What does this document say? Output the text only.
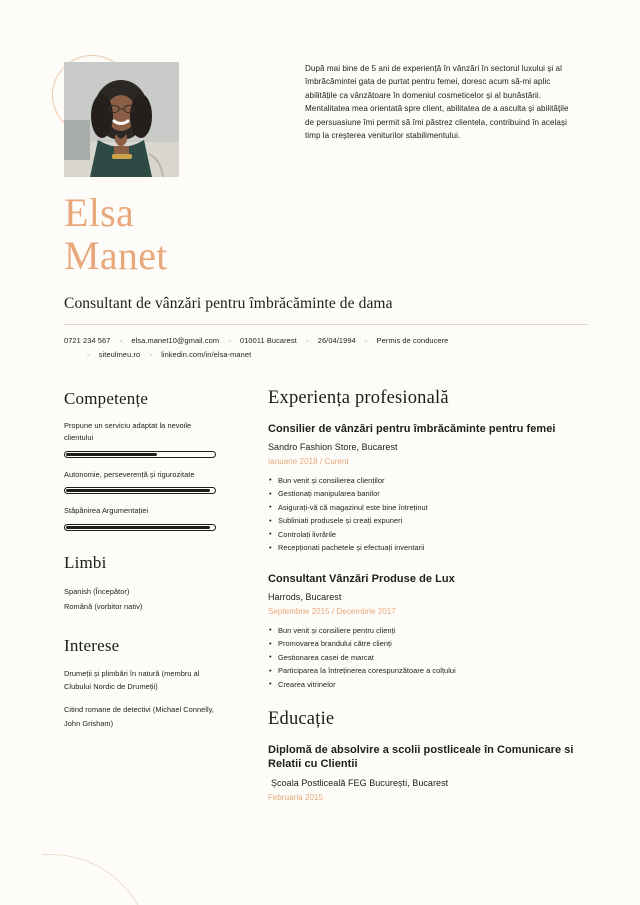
După mai bine de 5 ani de experiență în vânzări în sectorul luxului și al îmbrăcămintei gata de purtat pentru femei, doresc acum să-mi aplic abilitățile ca vânzătoare în domeniul cosmeticelor și al bunăstării. Mentalitatea mea orientată spre client, abilitatea de a asculta și abilitățile de persuasiune îmi permit să îmi păstrez clientela, contribuind în același timp la creșterea veniturilor stabilimentului.
Elsa
Manet
Consultant de vânzări pentru îmbrăcăminte de dama
0721 234 567 ◦ elsa.manet10@gmail.com ◦ 010011 Bucarest ◦ 26/04/1994 ◦ Permis de conducere
◦ siteulmeu.ro ◦ linkedin.com/in/elsa-manet
Competențe
Propune un serviciu adaptat la nevoile clientului
Autonomie, perseverență și rigurozitate
Stăpânirea Argumentației
Limbi
Spanish (Începător)
Română (vorbitor nativ)
Interese
Drumeții și plimbări în natură (membru al Clubului Nordic de Drumeții)
Citind romane de detectivi (Michael Connelly, John Grisham)
Experiența profesională
Consilier de vânzări pentru îmbrăcăminte pentru femei
Sandro Fashion Store, Bucarest
Ianuarie 2018 / Curent
• Bun venit și consilierea clienților
• Gestionați manipularea banilor
• Asigurați-vă că magazinul este bine întreținut
• Subliniati produsele și creați expuneri
• Controlați livrările
• Recepționati pachetele și efectuați inventarii
Consultant Vânzări Produse de Lux
Harrods, Bucarest
Septembrie 2015 / Decembrie 2017
• Bun venit și consiliere pentru clienți
• Promovarea brandului către clienți
• Gestionarea casei de marcat
• Participarea la întreținerea corespunzătoare a colțului
• Crearea vitrinelor
Educație
Diplomă de absolvire a scolii postliceale în Comunicare si Relatii cu Clientii
Școala Postliceală FEG București, Bucarest
Februaria 2015
